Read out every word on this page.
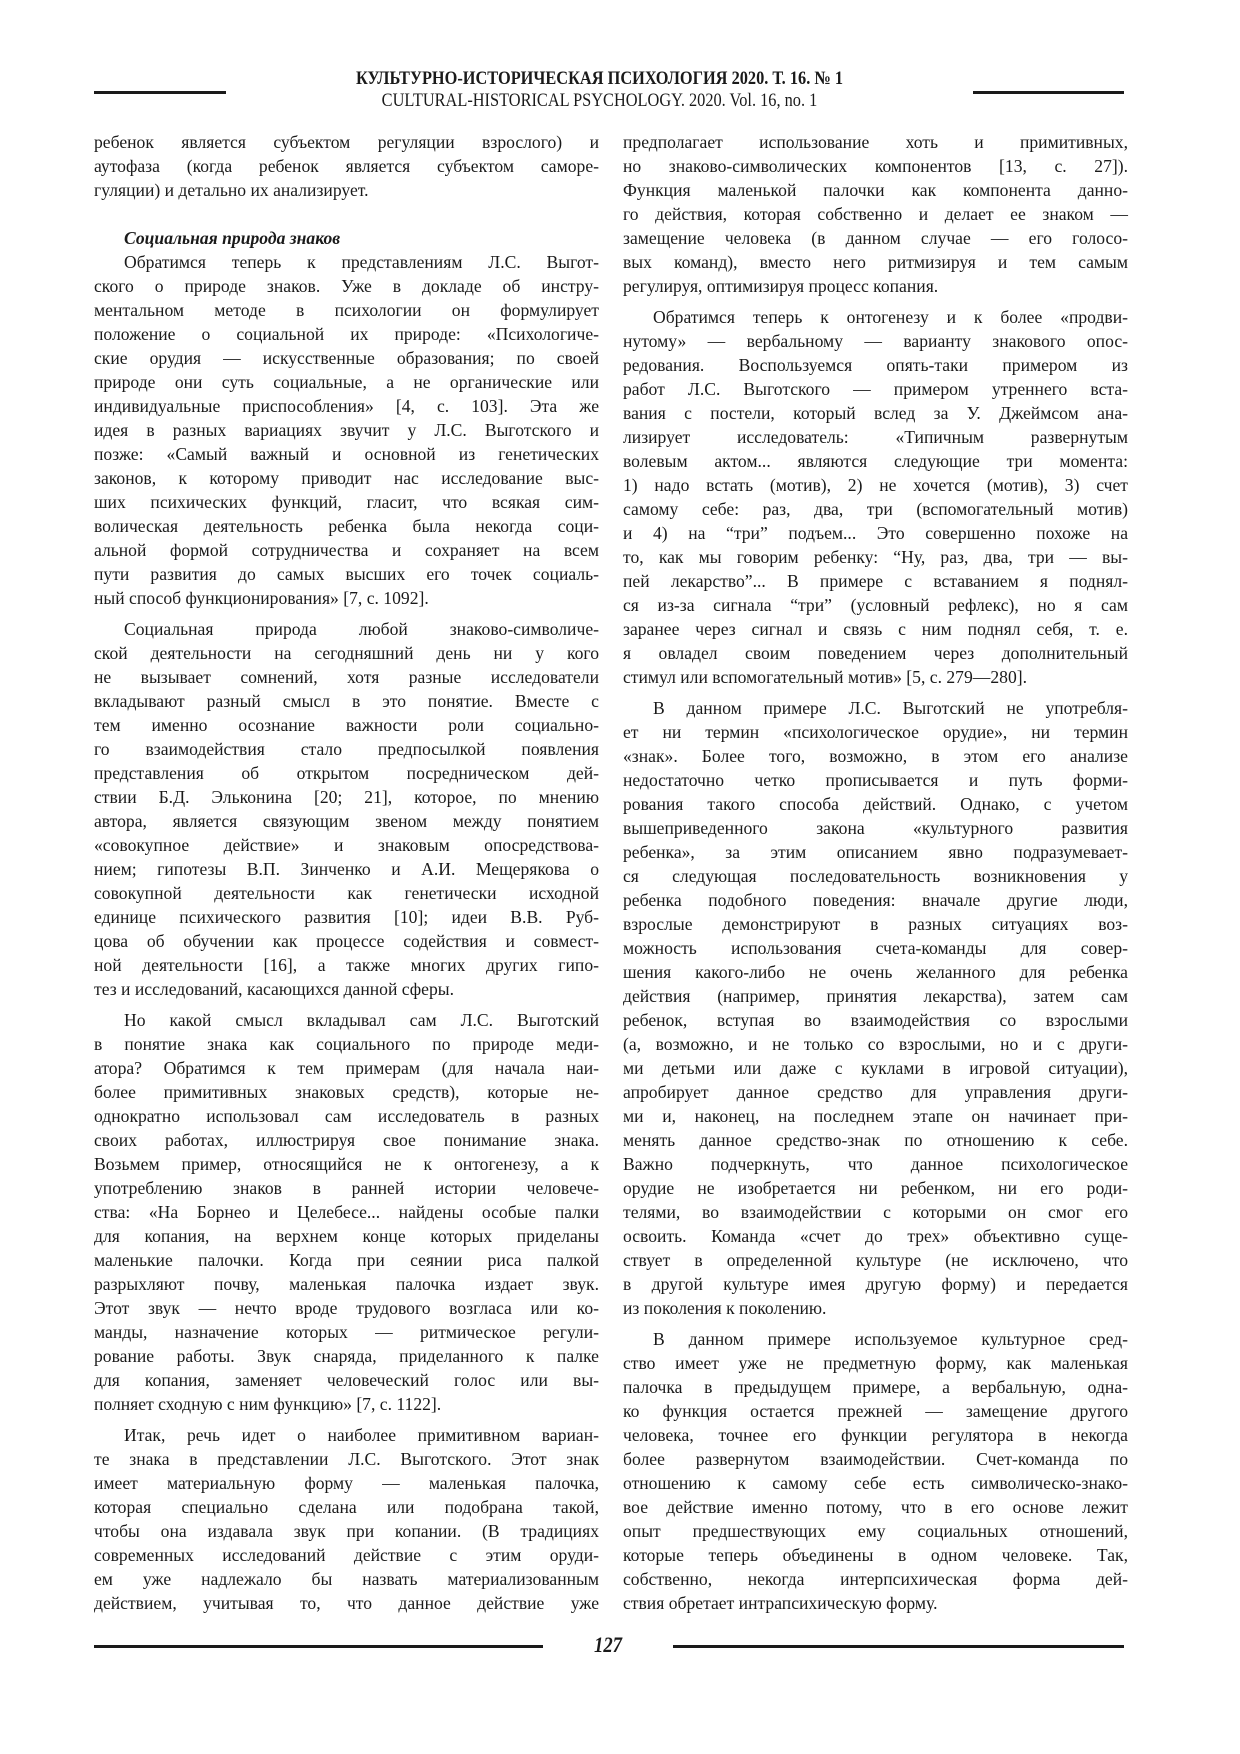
КУЛЬТУРНО-ИСТОРИЧЕСКАЯ ПСИХОЛОГИЯ 2020. Т. 16. № 1
CULTURAL-HISTORICAL PSYCHOLOGY. 2020. Vol. 16, no. 1

ребенок является субъектом регуляции взрослого) и
аутофаза (когда ребенок является субъектом саморе-
гуляции) и детально их анализирует.

Социальная природа знаков

Обратимся теперь к представлениям Л.С. Выгот-
ского о природе знаков. Уже в докладе об инстру-
ментальном методе в психологии он формулирует
положение о социальной их природе: «Психологиче-
ские орудия — искусственные образования; по своей
природе они суть социальные, а не органические или
индивидуальные приспособления» [4, с. 103]. Эта же
идея в разных вариациях звучит у Л.С. Выготского и
позже: «Самый важный и основной из генетических
законов, к которому приводит нас исследование выс-
ших психических функций, гласит, что всякая сим-
волическая деятельность ребенка была некогда соци-
альной формой сотрудничества и сохраняет на всем
пути развития до самых высших его точек социаль-
ный способ функционирования» [7, с. 1092].

Социальная природа любой знаково-символиче-
ской деятельности на сегодняшний день ни у кого
не вызывает сомнений, хотя разные исследователи
вкладывают разный смысл в это понятие. Вместе с
тем именно осознание важности роли социально-
го взаимодействия стало предпосылкой появления
представления об открытом посредническом дей-
ствии Б.Д. Эльконина [20; 21], которое, по мнению
автора, является связующим звеном между понятием
«совокупное действие» и знаковым опосредствова-
нием; гипотезы В.П. Зинченко и А.И. Мещерякова о
совокупной деятельности как генетически исходной
единице психического развития [10]; идеи В.В. Руб-
цова об обучении как процессе содействия и совмест-
ной деятельности [16], а также многих других гипо-
тез и исследований, касающихся данной сферы.

Но какой смысл вкладывал сам Л.С. Выготский
в понятие знака как социального по природе меди-
атора? Обратимся к тем примерам (для начала наи-
более примитивных знаковых средств), которые не-
однократно использовал сам исследователь в разных
своих работах, иллюстрируя свое понимание знака.
Возьмем пример, относящийся не к онтогенезу, а к
употреблению знаков в ранней истории человече-
ства: «На Борнео и Целебесе... найдены особые палки
для копания, на верхнем конце которых приделаны
маленькие палочки. Когда при сеянии риса палкой
разрыхляют почву, маленькая палочка издает звук.
Этот звук — нечто вроде трудового возгласа или ко-
манды, назначение которых — ритмическое регули-
рование работы. Звук снаряда, приделанного к палке
для копания, заменяет человеческий голос или вы-
полняет сходную с ним функцию» [7, с. 1122].

Итак, речь идет о наиболее примитивном вариан-
те знака в представлении Л.С. Выготского. Этот знак
имеет материальную форму — маленькая палочка,
которая специально сделана или подобрана такой,
чтобы она издавала звук при копании. (В традициях
современных исследований действие с этим оруди-
ем уже надлежало бы назвать материализованным
действием, учитывая то, что данное действие уже

предполагает использование хоть и примитивных,
но знаково-символических компонентов [13, с. 27]).
Функция маленькой палочки как компонента данно-
го действия, которая собственно и делает ее знаком —
замещение человека (в данном случае — его голосо-
вых команд), вместо него ритмизируя и тем самым
регулируя, оптимизируя процесс копания.

Обратимся теперь к онтогенезу и к более «продви-
нутому» — вербальному — варианту знакового опос-
редования. Воспользуемся опять-таки примером из
работ Л.С. Выготского — примером утреннего вста-
вания с постели, который вслед за У. Джеймсом ана-
лизирует исследователь: «Типичным развернутым
волевым актом... являются следующие три момента:
1) надо встать (мотив), 2) не хочется (мотив), 3) счет
самому себе: раз, два, три (вспомогательный мотив)
и 4) на “три” подъем... Это совершенно похоже на
то, как мы говорим ребенку: “Ну, раз, два, три — вы-
пей лекарство”... В примере с вставанием я поднял-
ся из-за сигнала “три” (условный рефлекс), но я сам
заранее через сигнал и связь с ним поднял себя, т. е.
я овладел своим поведением через дополнительный
стимул или вспомогательный мотив» [5, с. 279—280].

В данном примере Л.С. Выготский не употребля-
ет ни термин «психологическое орудие», ни термин
«знак». Более того, возможно, в этом его анализе
недостаточно четко прописывается и путь форми-
рования такого способа действий. Однако, с учетом
вышеприведенного закона «культурного развития
ребенка», за этим описанием явно подразумевает-
ся следующая последовательность возникновения у
ребенка подобного поведения: вначале другие люди,
взрослые демонстрируют в разных ситуациях воз-
можность использования счета-команды для совер-
шения какого-либо не очень желанного для ребенка
действия (например, принятия лекарства), затем сам
ребенок, вступая во взаимодействия со взрослыми
(а, возможно, и не только со взрослыми, но и с други-
ми детьми или даже с куклами в игровой ситуации),
апробирует данное средство для управления други-
ми и, наконец, на последнем этапе он начинает при-
менять данное средство-знак по отношению к себе.
Важно подчеркнуть, что данное психологическое
орудие не изобретается ни ребенком, ни его роди-
телями, во взаимодействии с которыми он смог его
освоить. Команда «счет до трех» объективно суще-
ствует в определенной культуре (не исключено, что
в другой культуре имея другую форму) и передается
из поколения к поколению.

В данном примере используемое культурное сред-
ство имеет уже не предметную форму, как маленькая
палочка в предыдущем примере, а вербальную, одна-
ко функция остается прежней — замещение другого
человека, точнее его функции регулятора в некогда
более развернутом взаимодействии. Счет-команда по
отношению к самому себе есть символическо-знако-
вое действие именно потому, что в его основе лежит
опыт предшествующих ему социальных отношений,
которые теперь объединены в одном человеке. Так,
собственно, некогда интерпсихическая форма дей-
ствия обретает интрапсихическую форму.

127
